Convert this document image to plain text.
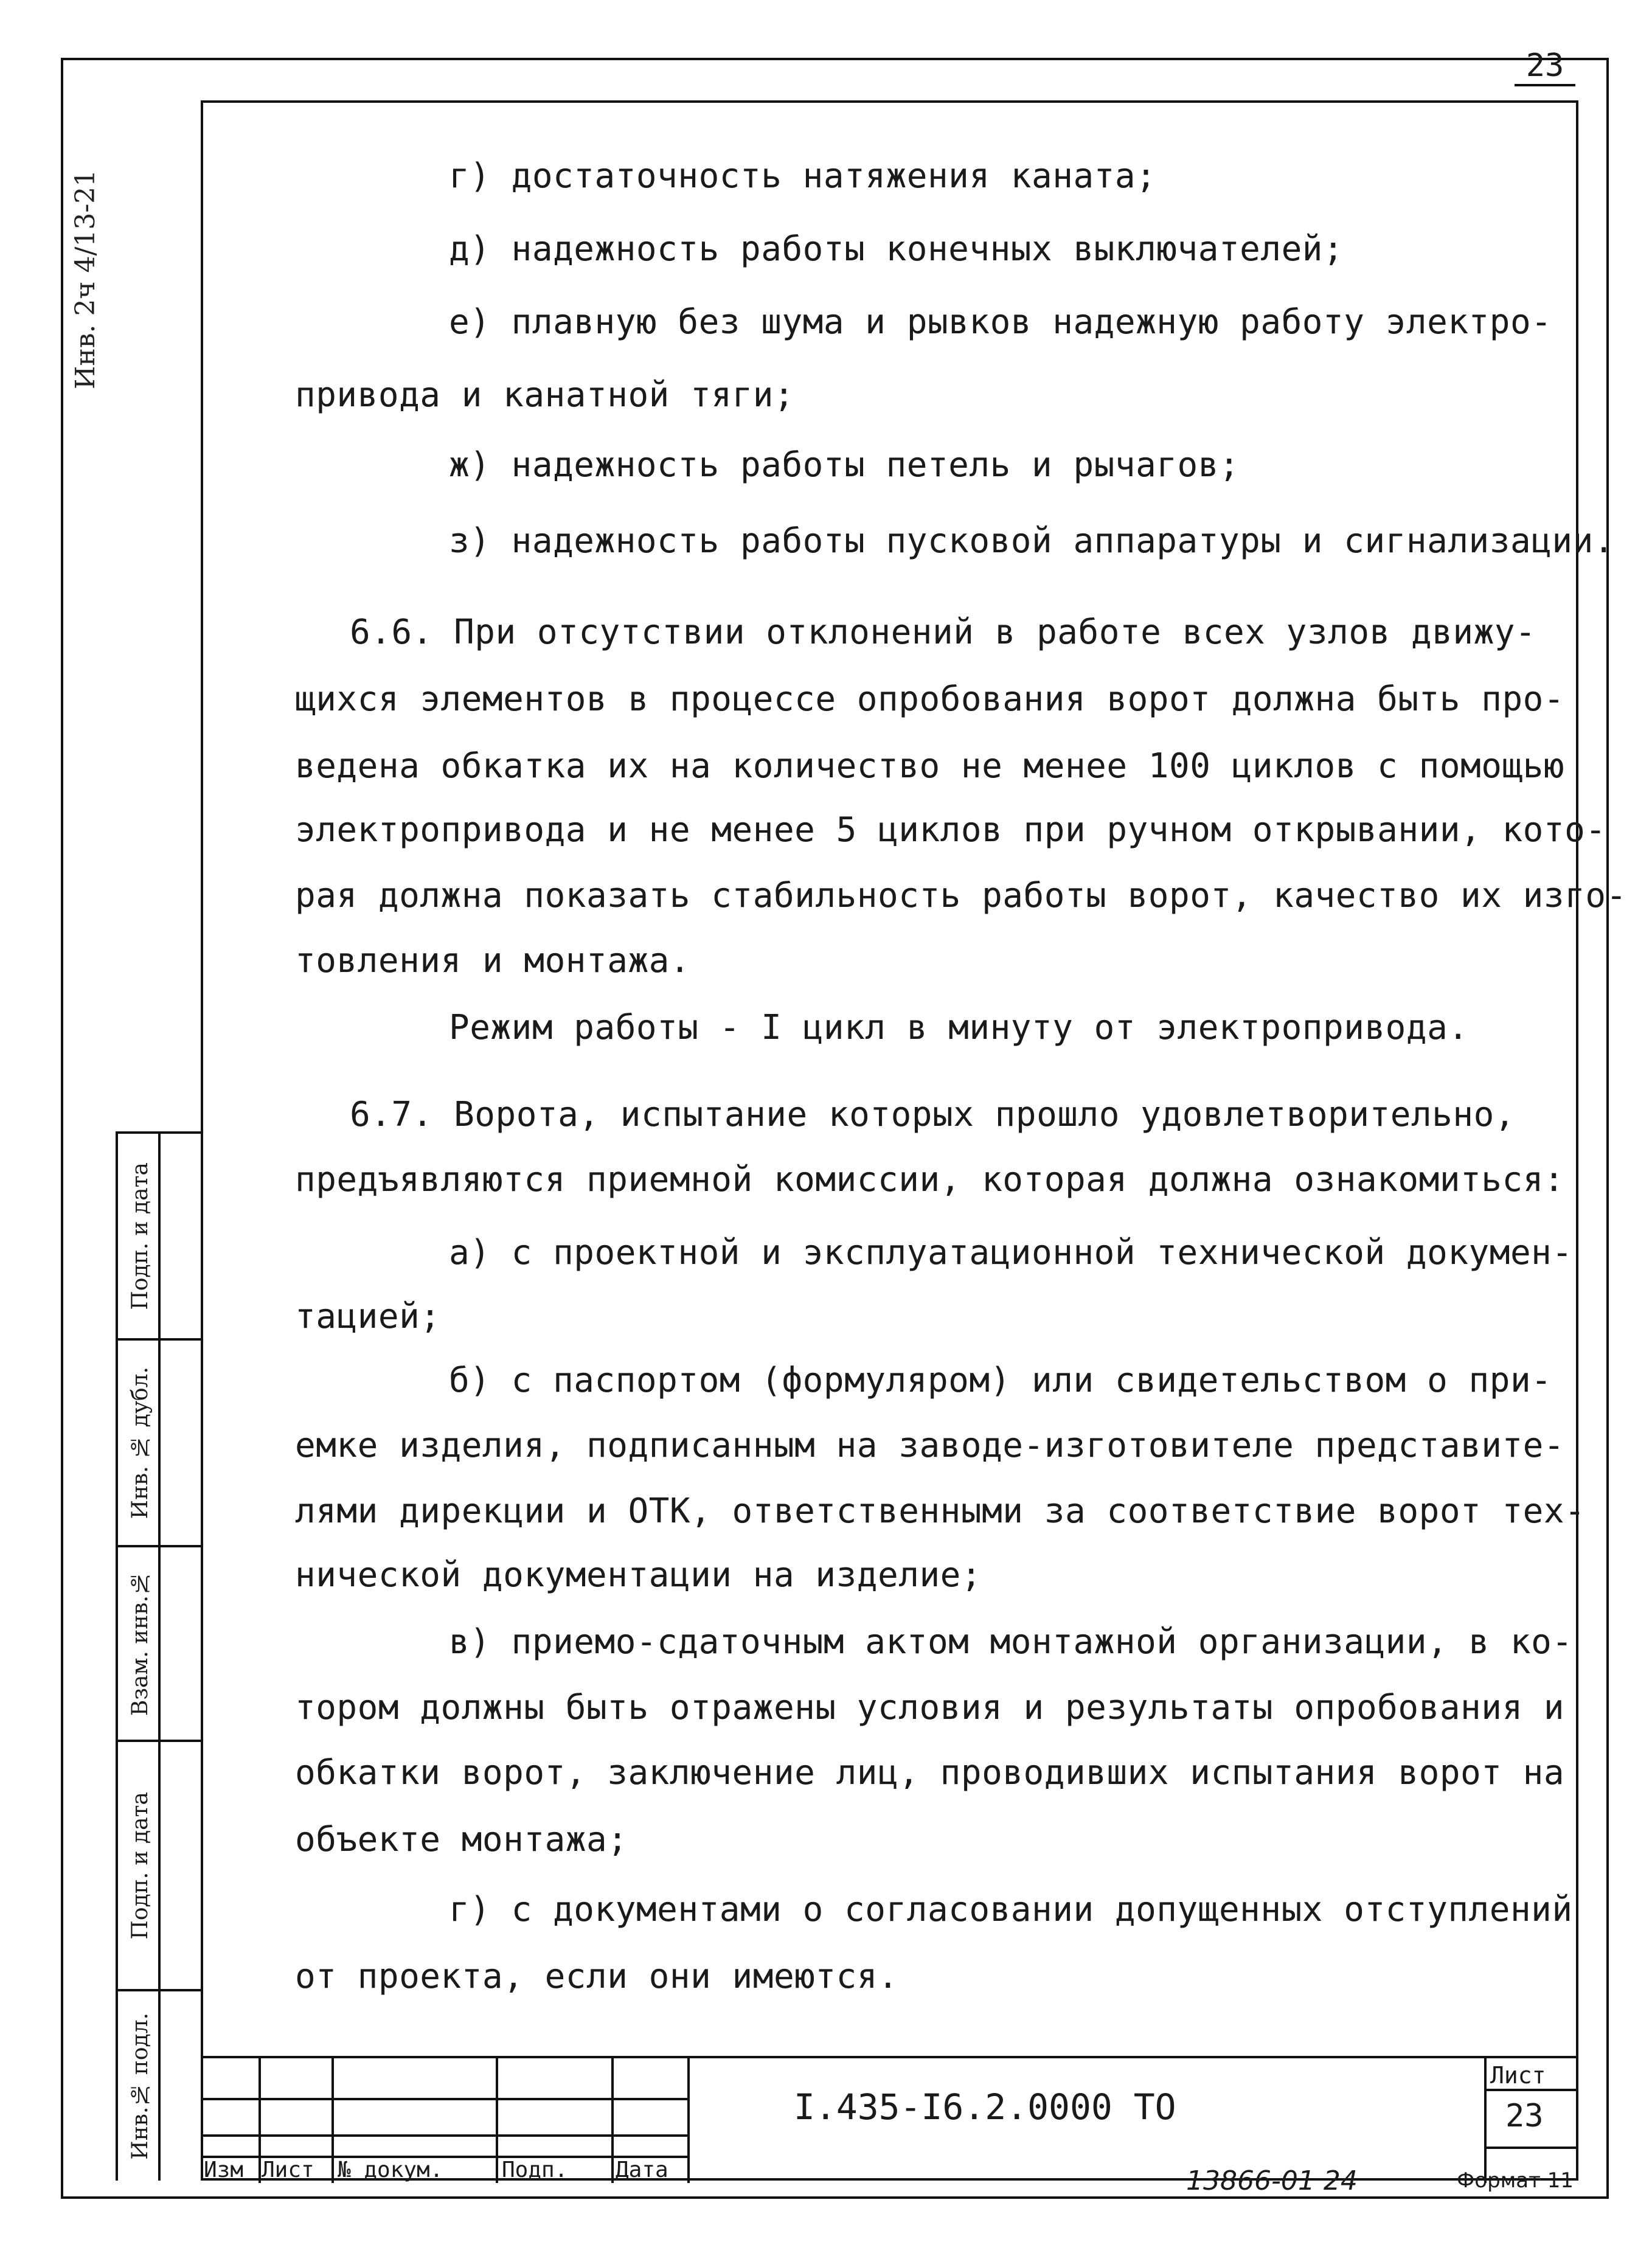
23
Инв. 2ч 4/13-21	г) достаточность натяжения каната;
д) надежность работы конечных выключателей;
е) плавную без шума и рывков надежную работу электро-
привода и канатной тяги;
ж) надежность работы петель и рычагов;
з) надежность работы пусковой аппаратуры и сигнализации.
6.6. При отсутствии отклонений в работе всех узлов движу-
щихся элементов в процессе опробования ворот должна быть про-
ведена обкатка их на количество не менее 100 циклов с помощью
электропривода и не менее 5 циклов при ручном открывании, кото-
рая должна показать стабильность работы ворот, качество их изго-
товления и монтажа.
Режим работы - I цикл в минуту от электропривода.
6.7. Ворота, испытание которых прошло удовлетворительно,
предъявляются приемной комиссии, которая должна ознакомиться:
а) с проектной и эксплуатационной технической докумен-
тацией;
б) с паспортом (формуляром) или свидетельством о при-
емке изделия, подписанным на заводе-изготовителе представите-
лями дирекции и ОТК, ответственными за соответствие ворот тех-
нической документации на изделие;
в) приемо-сдаточным актом монтажной организации, в ко-
тором должны быть отражены условия и результаты опробования и
обкатки ворот, заключение лиц, проводивших испытания ворот на
объекте монтажа;
г) с документами о согласовании допущенных отступлений
от проекта, если они имеются.
Подп. и дата
Инв. № дубл.
Взам. инв.№
Подп. и дата
Инв.№ подл.
Изм Лист № докум.	Подп. Дата
I.435-I6.2.0000 ТО
Лист
23
13866-01 24	Формат 11
